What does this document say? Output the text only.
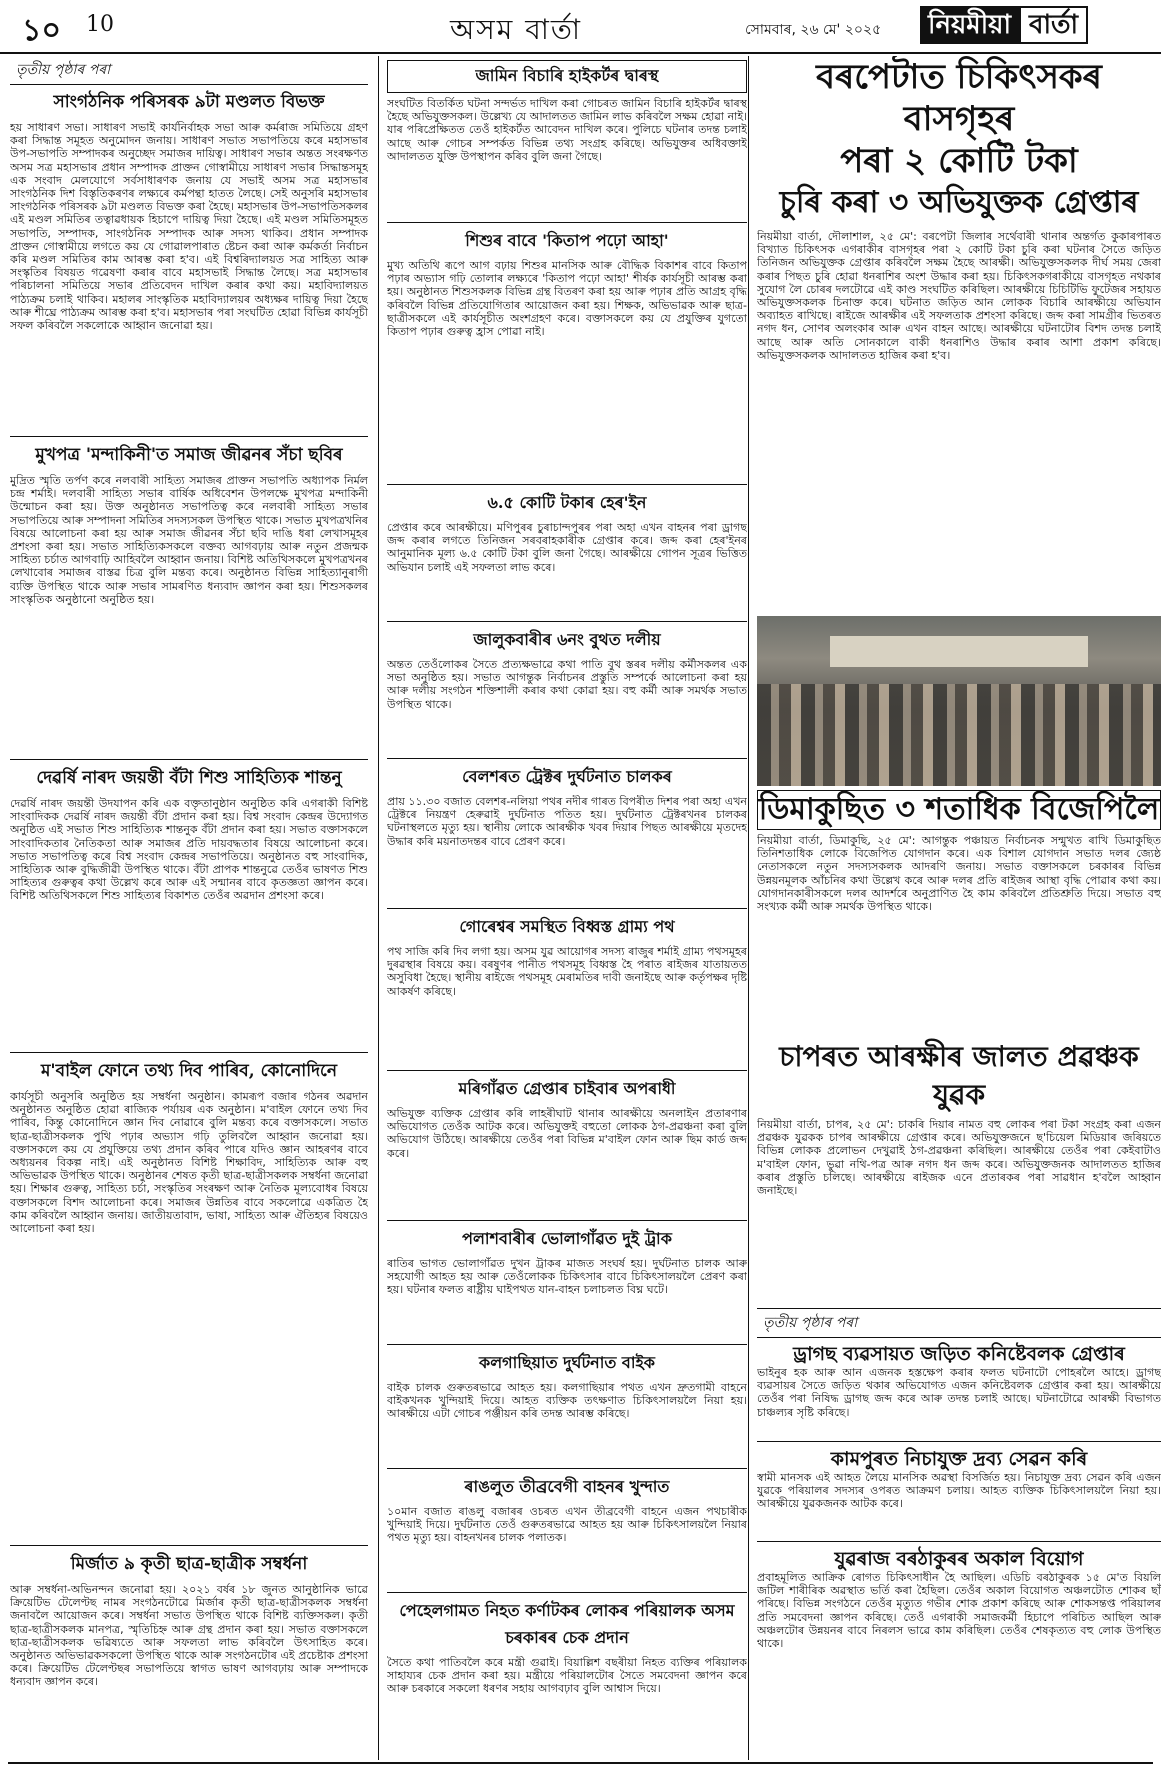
১০ 10	অসম বাৰ্তা	সোমবাৰ, ২৬ মে' ২০২৫	নিয়মীয়া বাৰ্তা
তৃতীয় পৃষ্ঠাৰ পৰা
সাংগঠনিক পৰিসৰক ৯টা মণ্ডলত বিভক্ত

হয় সাধাৰণ সভা। সাধাৰণ সভাই কাৰ্যনিৰ্বাহক সভা আৰু কৰ্মৰাজ সমিতিয়ে গ্ৰহণ কৰা সিদ্ধান্ত সমূহত অনুমোদন জনায়। সাধাৰণ সভাত সভাপতিয়ে কৰে মহাসভাৰ উপ-সভাপতি সম্পাদকৰ অনুচ্ছেদ সমাজৰ দায়িত্ব। সাধাৰণ সভাৰ অন্তত সংৰক্ষণত অসম সত্ৰ মহাসভাৰ প্ৰধান সম্পাদক প্ৰাক্তন গোস্বামীয়ে সাধাৰণ সভাৰ সিদ্ধান্তসমূহ এক সংবাদ মেলযোগে সৰ্বসাধাৰণক জনায় যে সভাই অসম সত্ৰ মহাসভাৰ সাংগঠনিক দিশ বিস্তৃতিকৰণৰ লক্ষ্যৰে কৰ্মপন্থা হাতত লৈছে। সেই অনুসৰি মহাসভাৰ সাংগঠনিক পৰিসৰক ৯টা মণ্ডলত বিভক্ত কৰা হৈছে। মহাসভাৰ উপ-সভাপতিসকলৰ এই মণ্ডল সমিতিৰ তত্বাৱধায়ক হিচাপে দায়িত্ব দিয়া হৈছে। এই মণ্ডল সমিতিসমূহত সভাপতি, সম্পাদক, সাংগঠনিক সম্পাদক আৰু সদস্য থাকিব। প্ৰধান সম্পাদক প্ৰাক্তন গোস্বামীয়ে লগতে কয় যে গোৱালপাৰাত ষ্টেচন কৰা আৰু কৰ্মকৰ্তা নিৰ্বাচন কৰি মণ্ডল সমিতিৰ কাম আৰম্ভ কৰা হ'ব। এই বিশ্বৰিদ্যালয়ত সত্ৰ সাহিত্য আৰু সংস্কৃতিৰ বিষয়ত গৱেষণা কৰাৰ বাবে মহাসভাই সিদ্ধান্ত লৈছে। সত্ৰ মহাসভাৰ পৰিচালনা সমিতিয়ে সভাৰ প্ৰতিবেদন দাখিল কৰাৰ কথা কয়। মহাবিদ্যালয়ত পাঠ্যক্ৰম চলাই থাকিব। মহালৰ সাংস্কৃতিক মহাবিদ্যালয়ৰ অধ্যক্ষৰ দায়িত্ব দিয়া হৈছে আৰু শীঘ্ৰে পাঠ্যক্ৰম আৰম্ভ কৰা হ'ব। মহাসভাৰ পৰা সংঘটিত হোৱা বিভিন্ন কাৰ্যসূচী সফল কৰিবলৈ সকলোকে আহ্বান জনোৱা হয়।

মুখপত্ৰ 'মন্দাকিনী'ত সমাজ জীৱনৰ সঁচা ছবিৰ

মুদ্ৰিত স্মৃতি তৰ্পণ কৰে নলবাৰী সাহিত্য সমাজৰ প্ৰাক্তন সভাপতি অধ্যাপক নিৰ্মল চন্দ্ৰ শৰ্মাই। দলবাৰী সাহিত্য সভাৰ বাৰ্ষিক অধিবেশন উপলক্ষে মুখপত্ৰ মন্দাকিনী উন্মোচন কৰা হয়। উক্ত অনুষ্ঠানত সভাপতিত্ব কৰে নলবাৰী সাহিত্য সভাৰ সভাপতিয়ে আৰু সম্পাদনা সমিতিৰ সদস্যসকল উপস্থিত থাকে। সভাত মুখপত্ৰখনিৰ বিষয়ে আলোচনা কৰা হয় আৰু সমাজ জীৱনৰ সঁচা ছবি দাঙি ধৰা লেখাসমূহৰ প্ৰশংসা কৰা হয়। সভাত সাহিত্যিকসকলে বক্তব্য আগবঢ়ায় আৰু নতুন প্ৰজন্মক সাহিত্য চৰ্চাত আগবাঢ়ি আহিবলৈ আহ্বান জনায়। বিশিষ্ট অতিথিসকলে মুখপত্ৰখনৰ লেখাবোৰ সমাজৰ বাস্তৱ চিত্ৰ বুলি মন্তব্য কৰে। অনুষ্ঠানত বিভিন্ন সাহিত্যানুৰাগী ব্যক্তি উপস্থিত থাকে আৰু সভাৰ সামৰণিত ধন্যবাদ জ্ঞাপন কৰা হয়। শিশুসকলৰ সাংস্কৃতিক অনুষ্ঠানো অনুষ্ঠিত হয়।

দেৱৰ্ষি নাৰদ জয়ন্তী বঁটা শিশু সাহিত্যিক শান্তনু

দেৱৰ্ষি নাৰদ জয়ন্তী উদযাপন কৰি এক বক্তৃতানুষ্ঠান অনুষ্ঠিত কৰি এগৰাকী বিশিষ্ট সাংবাদিকক দেৱৰ্ষি নাৰদ জয়ন্তী বঁটা প্ৰদান কৰা হয়। বিশ্ব সংবাদ কেন্দ্ৰৰ উদ্যোগত অনুষ্ঠিত এই সভাত শিশু সাহিত্যিক শান্তনুক বঁটা প্ৰদান কৰা হয়। সভাত বক্তাসকলে সাংবাদিকতাৰ নৈতিকতা আৰু সমাজৰ প্ৰতি দায়বদ্ধতাৰ বিষয়ে আলোচনা কৰে। সভাত সভাপতিত্ব কৰে বিশ্ব সংবাদ কেন্দ্ৰৰ সভাপতিয়ে। অনুষ্ঠানত বহু সাংবাদিক, সাহিত্যিক আৰু বুদ্ধিজীৱী উপস্থিত থাকে। বঁটা প্ৰাপক শান্তনুৱে তেওঁৰ ভাষণত শিশু সাহিত্যৰ গুৰুত্বৰ কথা উল্লেখ কৰে আৰু এই সন্মানৰ বাবে কৃতজ্ঞতা জ্ঞাপন কৰে। বিশিষ্ট অতিথিসকলে শিশু সাহিত্যৰ বিকাশত তেওঁৰ অৱদান প্ৰশংসা কৰে।

ম'বাইল ফোনে তথ্য দিব পাৰিব, কোনোদিনে

কাৰ্যসূচী অনুসৰি অনুষ্ঠিত হয় সম্বৰ্ধনা অনুষ্ঠান। কামৰূপ বজাৰ গঠনৰ অৱদান অনুষ্ঠানত অনুষ্ঠিত হোৱা ৰাজ্যিক পৰ্যায়ৰ এক অনুষ্ঠান। ম'বাইল ফোনে তথ্য দিব পাৰিব, কিন্তু কোনোদিনে জ্ঞান দিব নোৱাৰে বুলি মন্তব্য কৰে বক্তাসকলে। সভাত ছাত্ৰ-ছাত্ৰীসকলক পুথি পঢ়াৰ অভ্যাস গঢ়ি তুলিবলৈ আহ্বান জনোৱা হয়। বক্তাসকলে কয় যে প্ৰযুক্তিয়ে তথ্য প্ৰদান কৰিব পাৰে যদিও জ্ঞান আহৰণৰ বাবে অধ্যয়নৰ বিকল্প নাই। এই অনুষ্ঠানত বিশিষ্ট শিক্ষাবিদ, সাহিত্যিক আৰু বহু অভিভাৱক উপস্থিত থাকে। অনুষ্ঠানৰ শেষত কৃতী ছাত্ৰ-ছাত্ৰীসকলক সম্বৰ্ধনা জনোৱা হয়। শিক্ষাৰ গুৰুত্ব, সাহিত্য চৰ্চা, সংস্কৃতিৰ সংৰক্ষণ আৰু নৈতিক মূল্যবোধৰ বিষয়ে বক্তাসকলে বিশদ আলোচনা কৰে। সমাজৰ উন্নতিৰ বাবে সকলোৱে একত্ৰিত হৈ কাম কৰিবলৈ আহ্বান জনায়। জাতীয়তাবাদ, ভাষা, সাহিত্য আৰু ঐতিহ্যৰ বিষয়েও আলোচনা কৰা হয়।

মিৰ্জাত ৯ কৃতী ছাত্ৰ-ছাত্ৰীক সম্বৰ্ধনা

আৰু সম্বৰ্ধনা-অভিনন্দন জনোৱা হয়। ২০২১ বৰ্ষৰ ১৮ জুনত আনুষ্ঠানিক ভাৱে ক্ৰিয়েটিভ টেলেণ্টছ নামৰ সংগঠনটোৱে মিৰ্জাৰ কৃতী ছাত্ৰ-ছাত্ৰীসকলক সম্বৰ্ধনা জনাবলৈ আয়োজন কৰে। সম্বৰ্ধনা সভাত উপস্থিত থাকে বিশিষ্ট ব্যক্তিসকল। কৃতী ছাত্ৰ-ছাত্ৰীসকলক মানপত্ৰ, স্মৃতিচিহ্ন আৰু গ্ৰন্থ প্ৰদান কৰা হয়। সভাত বক্তাসকলে ছাত্ৰ-ছাত্ৰীসকলক ভৱিষ্যতে আৰু সফলতা লাভ কৰিবলৈ উৎসাহিত কৰে। অনুষ্ঠানত অভিভাৱকসকলো উপস্থিত থাকে আৰু সংগঠনটোৰ এই প্ৰচেষ্টাক প্ৰশংসা কৰে। ক্ৰিয়েটিভ টেলেণ্টছৰ সভাপতিয়ে স্বাগত ভাষণ আগবঢ়ায় আৰু সম্পাদকে ধন্যবাদ জ্ঞাপন কৰে।

জামিন বিচাৰি হাইকৰ্টৰ দ্বাৰস্থ

সংঘটিত বিতৰ্কিত ঘটনা সন্দৰ্ভত দাখিল কৰা গোচৰত জামিন বিচাৰি হাইকৰ্টৰ দ্বাৰস্থ হৈছে অভিযুক্তসকল। উল্লেখ্য যে আদালতত জামিন লাভ কৰিবলৈ সক্ষম হোৱা নাই। যাৰ পৰিপ্ৰেক্ষিতত তেওঁ হাইকৰ্টত আবেদন দাখিল কৰে। পুলিচে ঘটনাৰ তদন্ত চলাই আছে আৰু গোচৰ সম্পৰ্কত বিভিন্ন তথ্য সংগ্ৰহ কৰিছে। অভিযুক্তৰ অধিবক্তাই আদালতত যুক্তি উপস্থাপন কৰিব বুলি জনা গৈছে।

শিশুৰ বাবে 'কিতাপ পঢ়ো আহা'

মুখ্য অতিথি ৰূপে আগ বঢ়ায় শিশুৰ মানসিক আৰু বৌদ্ধিক বিকাশৰ বাবে কিতাপ পঢ়াৰ অভ্যাস গঢ়ি তোলাৰ লক্ষ্যৰে 'কিতাপ পঢ়ো আহা' শীৰ্ষক কাৰ্যসূচী আৰম্ভ কৰা হয়। অনুষ্ঠানত শিশুসকলক বিভিন্ন গ্ৰন্থ বিতৰণ কৰা হয় আৰু পঢ়াৰ প্ৰতি আগ্ৰহ বৃদ্ধি কৰিবলৈ বিভিন্ন প্ৰতিযোগিতাৰ আয়োজন কৰা হয়। শিক্ষক, অভিভাৱক আৰু ছাত্ৰ-ছাত্ৰীসকলে এই কাৰ্যসূচীত অংশগ্ৰহণ কৰে। বক্তাসকলে কয় যে প্ৰযুক্তিৰ যুগতো কিতাপ পঢ়াৰ গুৰুত্ব হ্ৰাস পোৱা নাই।

৬.৫ কোটি টকাৰ হেৰ'ইন

প্ৰেপ্তাৰ কৰে আৰক্ষীয়ে। মণিপুৰৰ চুৰাচান্দপুৰৰ পৰা অহা এখন বাহনৰ পৰা ড্ৰাগছ জব্দ কৰাৰ লগতে তিনিজন সৰবৰাহকাৰীক গ্ৰেপ্তাৰ কৰে। জব্দ কৰা হেৰ'ইনৰ আনুমানিক মূল্য ৬.৫ কোটি টকা বুলি জনা গৈছে। আৰক্ষীয়ে গোপন সূত্ৰৰ ভিত্তিত অভিযান চলাই এই সফলতা লাভ কৰে।

জালুকবাৰীৰ ৬নং বুথত দলীয়

অন্তত তেওঁলোকৰ সৈতে প্ৰত্যক্ষভাৱে কথা পাতি বুথ স্তৰৰ দলীয় কৰ্মীসকলৰ এক সভা অনুষ্ঠিত হয়। সভাত আগন্তুক নিৰ্বাচনৰ প্ৰস্তুতি সম্পৰ্কে আলোচনা কৰা হয় আৰু দলীয় সংগঠন শক্তিশালী কৰাৰ কথা কোৱা হয়। বহু কৰ্মী আৰু সমৰ্থক সভাত উপস্থিত থাকে।

বেলশৰত ট্ৰেক্টৰ দুৰ্ঘটনাত চালকৰ

প্ৰায় ১১.৩০ বজাত বেলশৰ-নলিয়া পথৰ নদীৰ গাৰত বিপৰীত দিশৰ পৰা অহা এখন ট্ৰেক্টৰে নিয়ন্ত্ৰণ হেৰুৱাই দুৰ্ঘটনাত পতিত হয়। দুৰ্ঘটনাত ট্ৰেক্টৰখনৰ চালকৰ ঘটনাস্থলতে মৃত্যু হয়। স্থানীয় লোকে আৰক্ষীক খবৰ দিয়াৰ পিছত আৰক্ষীয়ে মৃতদেহ উদ্ধাৰ কৰি ময়নাতদন্তৰ বাবে প্ৰেৰণ কৰে।

গোৰেশ্বৰ সমস্থিত বিধ্বস্ত গ্ৰাম্য পথ

পথ সাজি কৰি দিব লগা হয়। অসম যুৱ আয়োগৰ সদস্য ৰাজুৰ শৰ্মাই গ্ৰাম্য পথসমূহৰ দুৰৱস্থাৰ বিষয়ে কয়। বৰষুণৰ পানীত পথসমূহ বিধ্বস্ত হৈ পৰাত ৰাইজৰ যাতায়তত অসুবিধা হৈছে। স্থানীয় ৰাইজে পথসমূহ মেৰামতিৰ দাবী জনাইছে আৰু কৰ্তৃপক্ষৰ দৃষ্টি আকৰ্ষণ কৰিছে।

মৰিগাঁৱত গ্ৰেপ্তাৰ চাইবাৰ অপৰাধী

অভিযুক্ত ব্যক্তিক গ্ৰেপ্তাৰ কৰি লাহৰীঘাট থানাৰ আৰক্ষীয়ে অনলাইন প্ৰতাৰণাৰ অভিযোগত তেওঁক আটক কৰে। অভিযুক্তই বহুতো লোকক ঠগ-প্ৰৱঞ্চনা কৰা বুলি অভিযোগ উঠিছে। আৰক্ষীয়ে তেওঁৰ পৰা বিভিন্ন ম'বাইল ফোন আৰু ছিম কাৰ্ড জব্দ কৰে।

পলাশবাৰীৰ ভোলাগাঁৱত দুই ট্ৰাক

ৰাতিৰ ভাগত ভোলাগাঁৱত দুখন ট্ৰাকৰ মাজত সংঘৰ্ষ হয়। দুৰ্ঘটনাত চালক আৰু সহযোগী আহত হয় আৰু তেওঁলোকক চিকিৎসাৰ বাবে চিকিৎসালয়লৈ প্ৰেৰণ কৰা হয়। ঘটনাৰ ফলত ৰাষ্ট্ৰীয় ঘাইপথত যান-বাহন চলাচলত বিঘ্ন ঘটে।

কলগাছিয়াত দুৰ্ঘটনাত বাইক

বাইক চালক গুৰুতৰভাৱে আহত হয়। কলগাছিয়াৰ পথত এখন দ্ৰুতগামী বাহনে বাইকখনক খুন্দিয়াই দিয়ে। আহত ব্যক্তিক তৎক্ষণাত চিকিৎসালয়লৈ নিয়া হয়। আৰক্ষীয়ে এটা গোচৰ পঞ্জীয়ন কৰি তদন্ত আৰম্ভ কৰিছে।

ৰাঙলুত তীব্ৰবেগী বাহনৰ খুন্দাত

১০মান বজাত ৰাঙলু বজাৰৰ ওচৰত এখন তীব্ৰবেগী বাহনে এজন পথচাৰীক খুন্দিয়াই দিয়ে। দুৰ্ঘটনাত তেওঁ গুৰুতৰভাৱে আহত হয় আৰু চিকিৎসালয়লৈ নিয়াৰ পথত মৃত্যু হয়। বাহনখনৰ চালক পলাতক।

পেহেলগামত নিহত কৰ্ণাটকৰ লোকৰ পৰিয়ালক অসম চৰকাৰৰ চেক প্ৰদান

সৈতে কথা পাতিবলৈ কৰে মন্ত্ৰী গুৱাই। বিয়াল্লিশ বছৰীয়া নিহত ব্যক্তিৰ পৰিয়ালক সাহায্যৰ চেক প্ৰদান কৰা হয়। মন্ত্ৰীয়ে পৰিয়ালটোৰ সৈতে সমবেদনা জ্ঞাপন কৰে আৰু চৰকাৰে সকলো ধৰণৰ সহায় আগবঢ়াব বুলি আশ্বাস দিয়ে।

বৰপেটাত চিকিৎসকৰ বাসগৃহৰ
পৰা ২ কোটি টকা
চুৰি কৰা ৩ অভিযুক্তক গ্ৰেপ্তাৰ

নিয়মীয়া বাৰ্তা, দৌলাশাল, ২৫ মে': বৰপেটা জিলাৰ সৰ্থেবাৰী থানাৰ অন্তৰ্গত কুকাৰপাৰত বিখ্যাত চিকিৎসক এগৰাকীৰ বাসগৃহৰ পৰা ২ কোটি টকা চুৰি কৰা ঘটনাৰ সৈতে জড়িত তিনিজন অভিযুক্তক গ্ৰেপ্তাৰ কৰিবলৈ সক্ষম হৈছে আৰক্ষী। অভিযুক্তসকলক দীৰ্ঘ সময় জেৰা কৰাৰ পিছত চুৰি হোৱা ধনৰাশিৰ অংশ উদ্ধাৰ কৰা হয়। চিকিৎসকগৰাকীয়ে বাসগৃহত নথকাৰ সুযোগ লৈ চোৰৰ দলটোৱে এই কাণ্ড সংঘটিত কৰিছিল। আৰক্ষীয়ে চিচিটিভি ফুটেজৰ সহায়ত অভিযুক্তসকলক চিনাক্ত কৰে। ঘটনাত জড়িত আন লোকক বিচাৰি আৰক্ষীয়ে অভিযান অব্যাহত ৰাখিছে। ৰাইজে আৰক্ষীৰ এই সফলতাক প্ৰশংসা কৰিছে। জব্দ কৰা সামগ্ৰীৰ ভিতৰত নগদ ধন, সোণৰ অলংকাৰ আৰু এখন বাহন আছে। আৰক্ষীয়ে ঘটনাটোৰ বিশদ তদন্ত চলাই আছে আৰু অতি সোনকালে বাকী ধনৰাশিও উদ্ধাৰ কৰাৰ আশা প্ৰকাশ কৰিছে। অভিযুক্তসকলক আদালতত হাজিৰ কৰা হ'ব।

ডিমাকুছিত ৩ শতাধিক বিজেপিলৈ

নিয়মীয়া বাৰ্তা, ডিমাকুছি, ২৫ মে': আগন্তুক পঞ্চায়ত নিৰ্বাচনক সন্মুখত ৰাখি ডিমাকুছিত তিনিশতাধিক লোকে বিজেপিত যোগদান কৰে। এক বিশাল যোগদান সভাত দলৰ জ্যেষ্ঠ নেতাসকলে নতুন সদস্যসকলক আদৰণি জনায়। সভাত বক্তাসকলে চৰকাৰৰ বিভিন্ন উন্নয়নমূলক আঁচনিৰ কথা উল্লেখ কৰে আৰু দলৰ প্ৰতি ৰাইজৰ আস্থা বৃদ্ধি পোৱাৰ কথা কয়। যোগদানকাৰীসকলে দলৰ আদৰ্শৰে অনুপ্ৰাণিত হৈ কাম কৰিবলৈ প্ৰতিশ্ৰুতি দিয়ে। সভাত বহু সংখ্যক কৰ্মী আৰু সমৰ্থক উপস্থিত থাকে।

চাপৰত আৰক্ষীৰ জালত প্ৰৱঞ্চক যুৱক

নিয়মীয়া বাৰ্তা, চাপৰ, ২৫ মে': চাকৰি দিয়াৰ নামত বহু লোকৰ পৰা টকা সংগ্ৰহ কৰা এজন প্ৰৱঞ্চক যুৱকক চাপৰ আৰক্ষীয়ে গ্ৰেপ্তাৰ কৰে। অভিযুক্তজনে ছ'চিয়েল মিডিয়াৰ জৰিয়তে বিভিন্ন লোকক প্ৰলোভন দেখুৱাই ঠগ-প্ৰৱঞ্চনা কৰিছিল। আৰক্ষীয়ে তেওঁৰ পৰা কেইবাটাও ম'বাইল ফোন, ভুৱা নথি-পত্ৰ আৰু নগদ ধন জব্দ কৰে। অভিযুক্তজনক আদালতত হাজিৰ কৰাৰ প্ৰস্তুতি চলিছে। আৰক্ষীয়ে ৰাইজক এনে প্ৰতাৰকৰ পৰা সাৱধান হ'বলৈ আহ্বান জনাইছে।

তৃতীয় পৃষ্ঠাৰ পৰা
ড্ৰাগছ ব্যৱসায়ত জড়িত কনিষ্টেবলক গ্ৰেপ্তাৰ

ভাইনুৰ হক আৰু আন এজনক হস্তক্ষেপ কৰাৰ ফলত ঘটনাটো পোহৰলৈ আহে। ড্ৰাগছ ব্যৱসায়ৰ সৈতে জড়িত থকাৰ অভিযোগত এজন কনিষ্টেবলক গ্ৰেপ্তাৰ কৰা হয়। আৰক্ষীয়ে তেওঁৰ পৰা নিষিদ্ধ ড্ৰাগছ জব্দ কৰে আৰু তদন্ত চলাই আছে। ঘটনাটোৱে আৰক্ষী বিভাগত চাঞ্চল্যৰ সৃষ্টি কৰিছে।

কামপুৰত নিচাযুক্ত দ্ৰব্য সেৱন কৰি

স্বামী মানসক এই আহত লৈয়ে মানসিক অৱস্থা বিসৰ্জিত হয়। নিচাযুক্ত দ্ৰব্য সেৱন কৰি এজন যুৱকে পৰিয়ালৰ সদস্যৰ ওপৰত আক্ৰমণ চলায়। আহত ব্যক্তিক চিকিৎসালয়লৈ নিয়া হয়। আৰক্ষীয়ে যুৱকজনক আটক কৰে।

যুৱৰাজ বৰঠাকুৰৰ অকাল বিয়োগ

প্ৰবাহমূলিত আক্ৰিক ৰোগত চিকিৎসাধীন হৈ আছিল। এডিচি বৰঠাকুৰক ১৫ মে'ত বিয়লি জটিল শাৰীৰিক অৱস্থাত ভৰ্তি কৰা হৈছিল। তেওঁৰ অকাল বিয়োগত অঞ্চলটোত শোকৰ ছাঁ পৰিছে। বিভিন্ন সংগঠনে তেওঁৰ মৃত্যুত গভীৰ শোক প্ৰকাশ কৰিছে আৰু শোকসন্তপ্ত পৰিয়ালৰ প্ৰতি সমবেদনা জ্ঞাপন কৰিছে। তেওঁ এগৰাকী সমাজকৰ্মী হিচাপে পৰিচিত আছিল আৰু অঞ্চলটোৰ উন্নয়নৰ বাবে নিৰলস ভাৱে কাম কৰিছিল। তেওঁৰ শেষকৃত্যত বহু লোক উপস্থিত থাকে।
